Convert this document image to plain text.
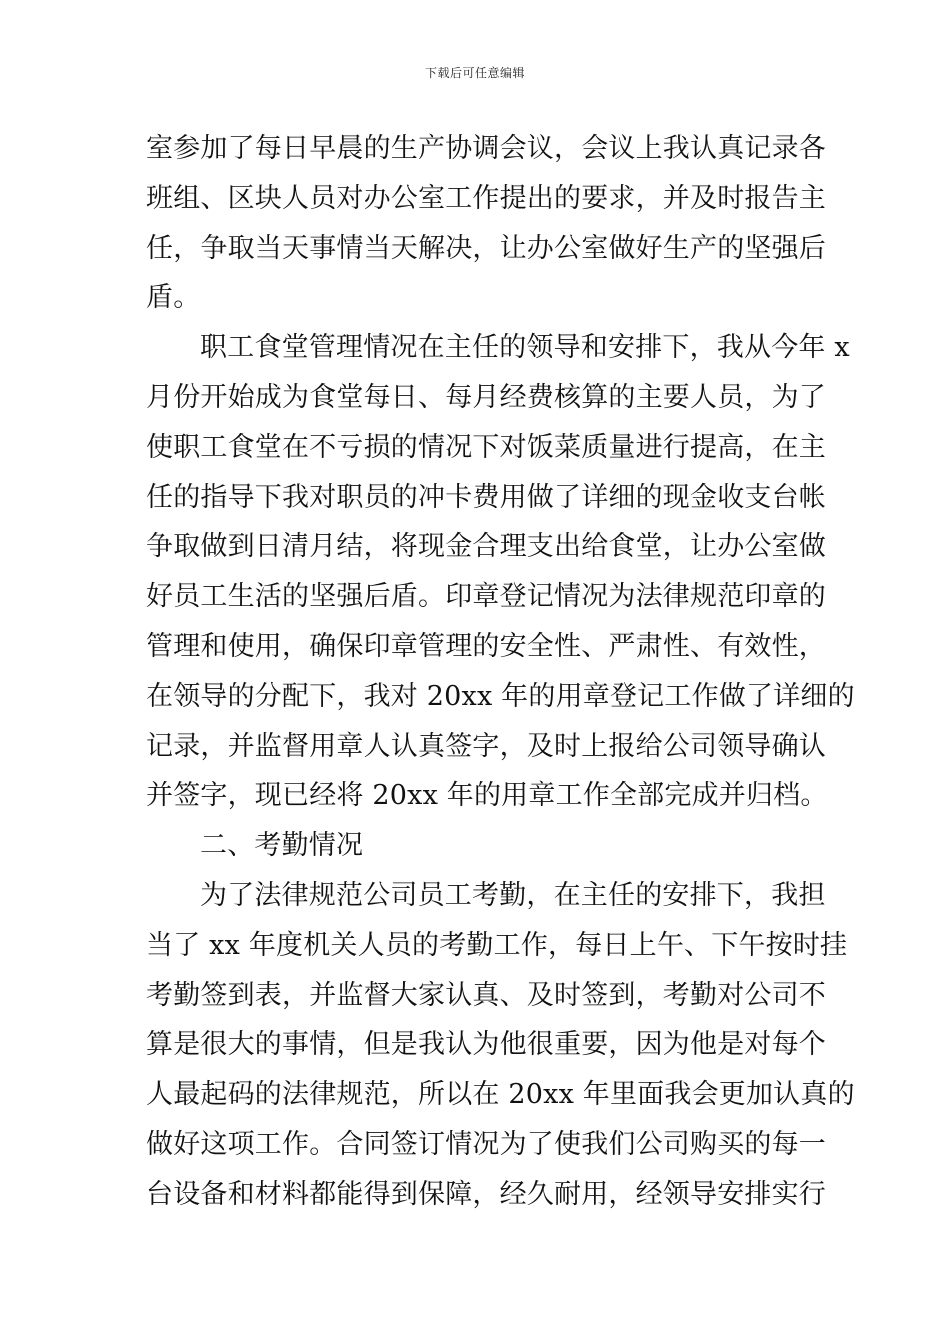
下载后可任意编辑
室参加了每日早晨的生产协调会议，会议上我认真记录各
班组、区块人员对办公室工作提出的要求，并及时报告主
任，争取当天事情当天解决，让办公室做好生产的坚强后
盾。
职工食堂管理情况在主任的领导和安排下，我从今年 x
月份开始成为食堂每日、每月经费核算的主要人员，为了
使职工食堂在不亏损的情况下对饭菜质量进行提高，在主
任的指导下我对职员的冲卡费用做了详细的现金收支台帐
争取做到日清月结，将现金合理支出给食堂，让办公室做
好员工生活的坚强后盾。印章登记情况为法律规范印章的
管理和使用，确保印章管理的安全性、严肃性、有效性，
在领导的分配下，我对 20xx 年的用章登记工作做了详细的
记录，并监督用章人认真签字，及时上报给公司领导确认
并签字，现已经将 20xx 年的用章工作全部完成并归档。
二、考勤情况
为了法律规范公司员工考勤，在主任的安排下，我担
当了 xx 年度机关人员的考勤工作，每日上午、下午按时挂
考勤签到表，并监督大家认真、及时签到，考勤对公司不
算是很大的事情，但是我认为他很重要，因为他是对每个
人最起码的法律规范，所以在 20xx 年里面我会更加认真的
做好这项工作。合同签订情况为了使我们公司购买的每一
台设备和材料都能得到保障，经久耐用，经领导安排实行
